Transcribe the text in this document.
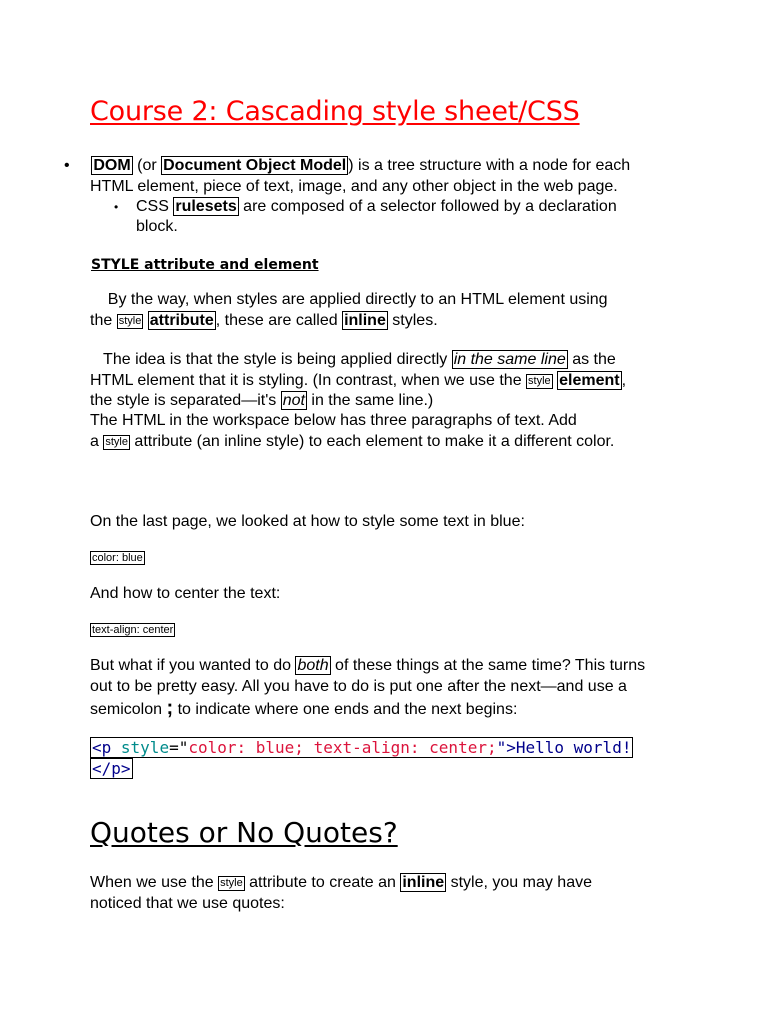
Course 2: Cascading style sheet/CSS
•
  DOM (or Document Object Model ) is a tree structure with a node for each
HTML element, piece of text, image, and any other object in the web page.
• CSS rulesets are composed of a selector followed by a declaration
block.
STYLE attribute and element
By the way, when styles are applied directly to an HTML element using
the style attribute , these are called inline styles.
The idea is that the style is being applied directly in the same line as the
HTML element that it is styling. (In contrast, when we use the style element ,
the style is separated—it's not in the same line.)
The HTML in the workspace below has three paragraphs of text. Add
a style attribute (an inline style) to each element to make it a different color.
On the last page, we looked at how to style some text in blue:
color: blue
And how to center the text:
text-align: center
But what if you wanted to do both of these things at the same time? This turns
out to be pretty easy. All you have to do is put one after the next—and use a
semicolon ; to indicate where one ends and the next begins:
<p style="color: blue; text-align: center;">Hello world!
</p>
Quotes or No Quotes?
When we use the style attribute to create an inline style, you may have
noticed that we use quotes:
